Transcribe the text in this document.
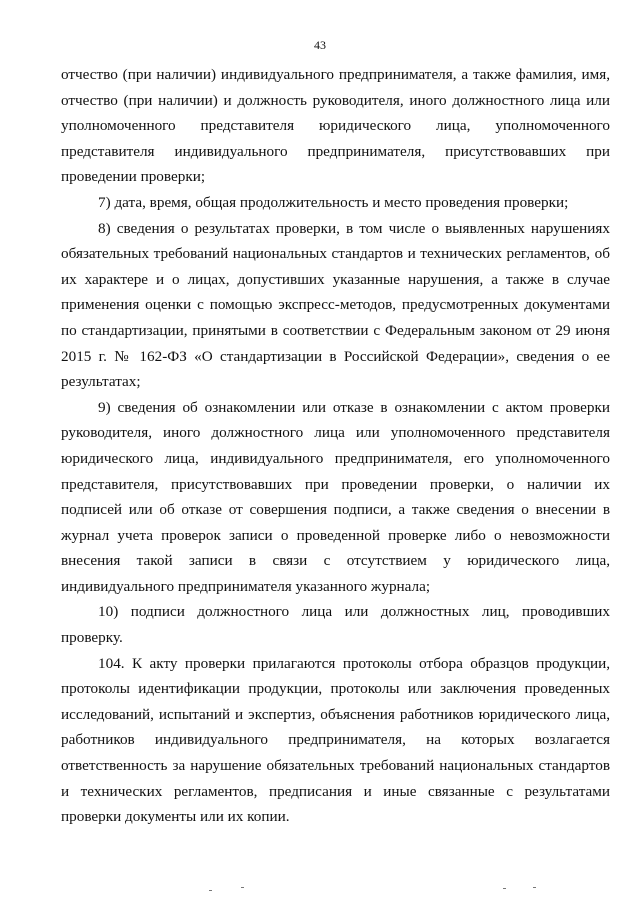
43

отчество (при наличии) индивидуального предпринимателя, а также фамилия, имя, отчество (при наличии) и должность руководителя, иного должностного лица или уполномоченного представителя юридического лица, уполномоченного представителя индивидуального предпринимателя, присутствовавших при проведении проверки;

7) дата, время, общая продолжительность и место проведения проверки;

8) сведения о результатах проверки, в том числе о выявленных нарушениях обязательных требований национальных стандартов и технических регламентов, об их характере и о лицах, допустивших указанные нарушения, а также в случае применения оценки с помощью экспресс-методов, предусмотренных документами по стандартизации, принятыми в соответствии с Федеральным законом от 29 июня 2015 г. № 162-ФЗ «О стандартизации в Российской Федерации», сведения о ее результатах;

9) сведения об ознакомлении или отказе в ознакомлении с актом проверки руководителя, иного должностного лица или уполномоченного представителя юридического лица, индивидуального предпринимателя, его уполномоченного представителя, присутствовавших при проведении проверки, о наличии их подписей или об отказе от совершения подписи, а также сведения о внесении в журнал учета проверок записи о проведенной проверке либо о невозможности внесения такой записи в связи с отсутствием у юридического лица, индивидуального предпринимателя указанного журнала;

10) подписи должностного лица или должностных лиц, проводивших проверку.

104. К акту проверки прилагаются протоколы отбора образцов продукции, протоколы идентификации продукции, протоколы или заключения проведенных исследований, испытаний и экспертиз, объяснения работников юридического лица, работников индивидуального предпринимателя, на которых возлагается ответственность за нарушение обязательных требований национальных стандартов и технических регламентов, предписания и иные связанные с результатами проверки документы или их копии.
